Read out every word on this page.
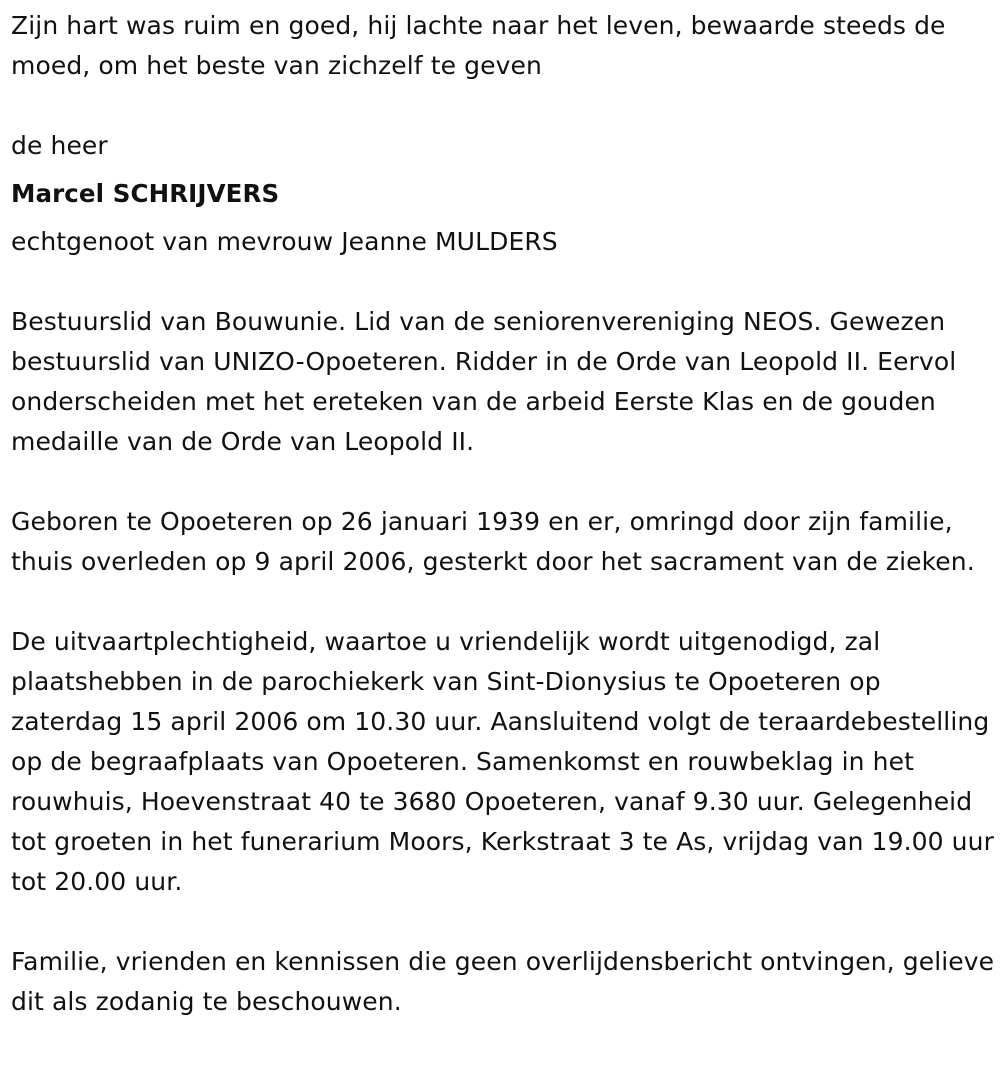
Zijn hart was ruim en goed, hij lachte naar het leven, bewaarde steeds de moed, om het beste van zichzelf te geven

de heer

Marcel SCHRIJVERS

echtgenoot van mevrouw Jeanne MULDERS

Bestuurslid van Bouwunie. Lid van de seniorenvereniging NEOS. Gewezen bestuurslid van UNIZO-Opoeteren. Ridder in de Orde van Leopold II. Eervol onderscheiden met het ereteken van de arbeid Eerste Klas en de gouden medaille van de Orde van Leopold II.

Geboren te Opoeteren op 26 januari 1939 en er, omringd door zijn familie, thuis overleden op 9 april 2006, gesterkt door het sacrament van de zieken.

De uitvaartplechtigheid, waartoe u vriendelijk wordt uitgenodigd, zal plaatshebben in de parochiekerk van Sint-Dionysius te Opoeteren op zaterdag 15 april 2006 om 10.30 uur. Aansluitend volgt de teraardebestelling op de begraafplaats van Opoeteren. Samenkomst en rouwbeklag in het rouwhuis, Hoevenstraat 40 te 3680 Opoeteren, vanaf 9.30 uur. Gelegenheid tot groeten in het funerarium Moors, Kerkstraat 3 te As, vrijdag van 19.00 uur tot 20.00 uur.

Familie, vrienden en kennissen die geen overlijdensbericht ontvingen, gelieve dit als zodanig te beschouwen.
